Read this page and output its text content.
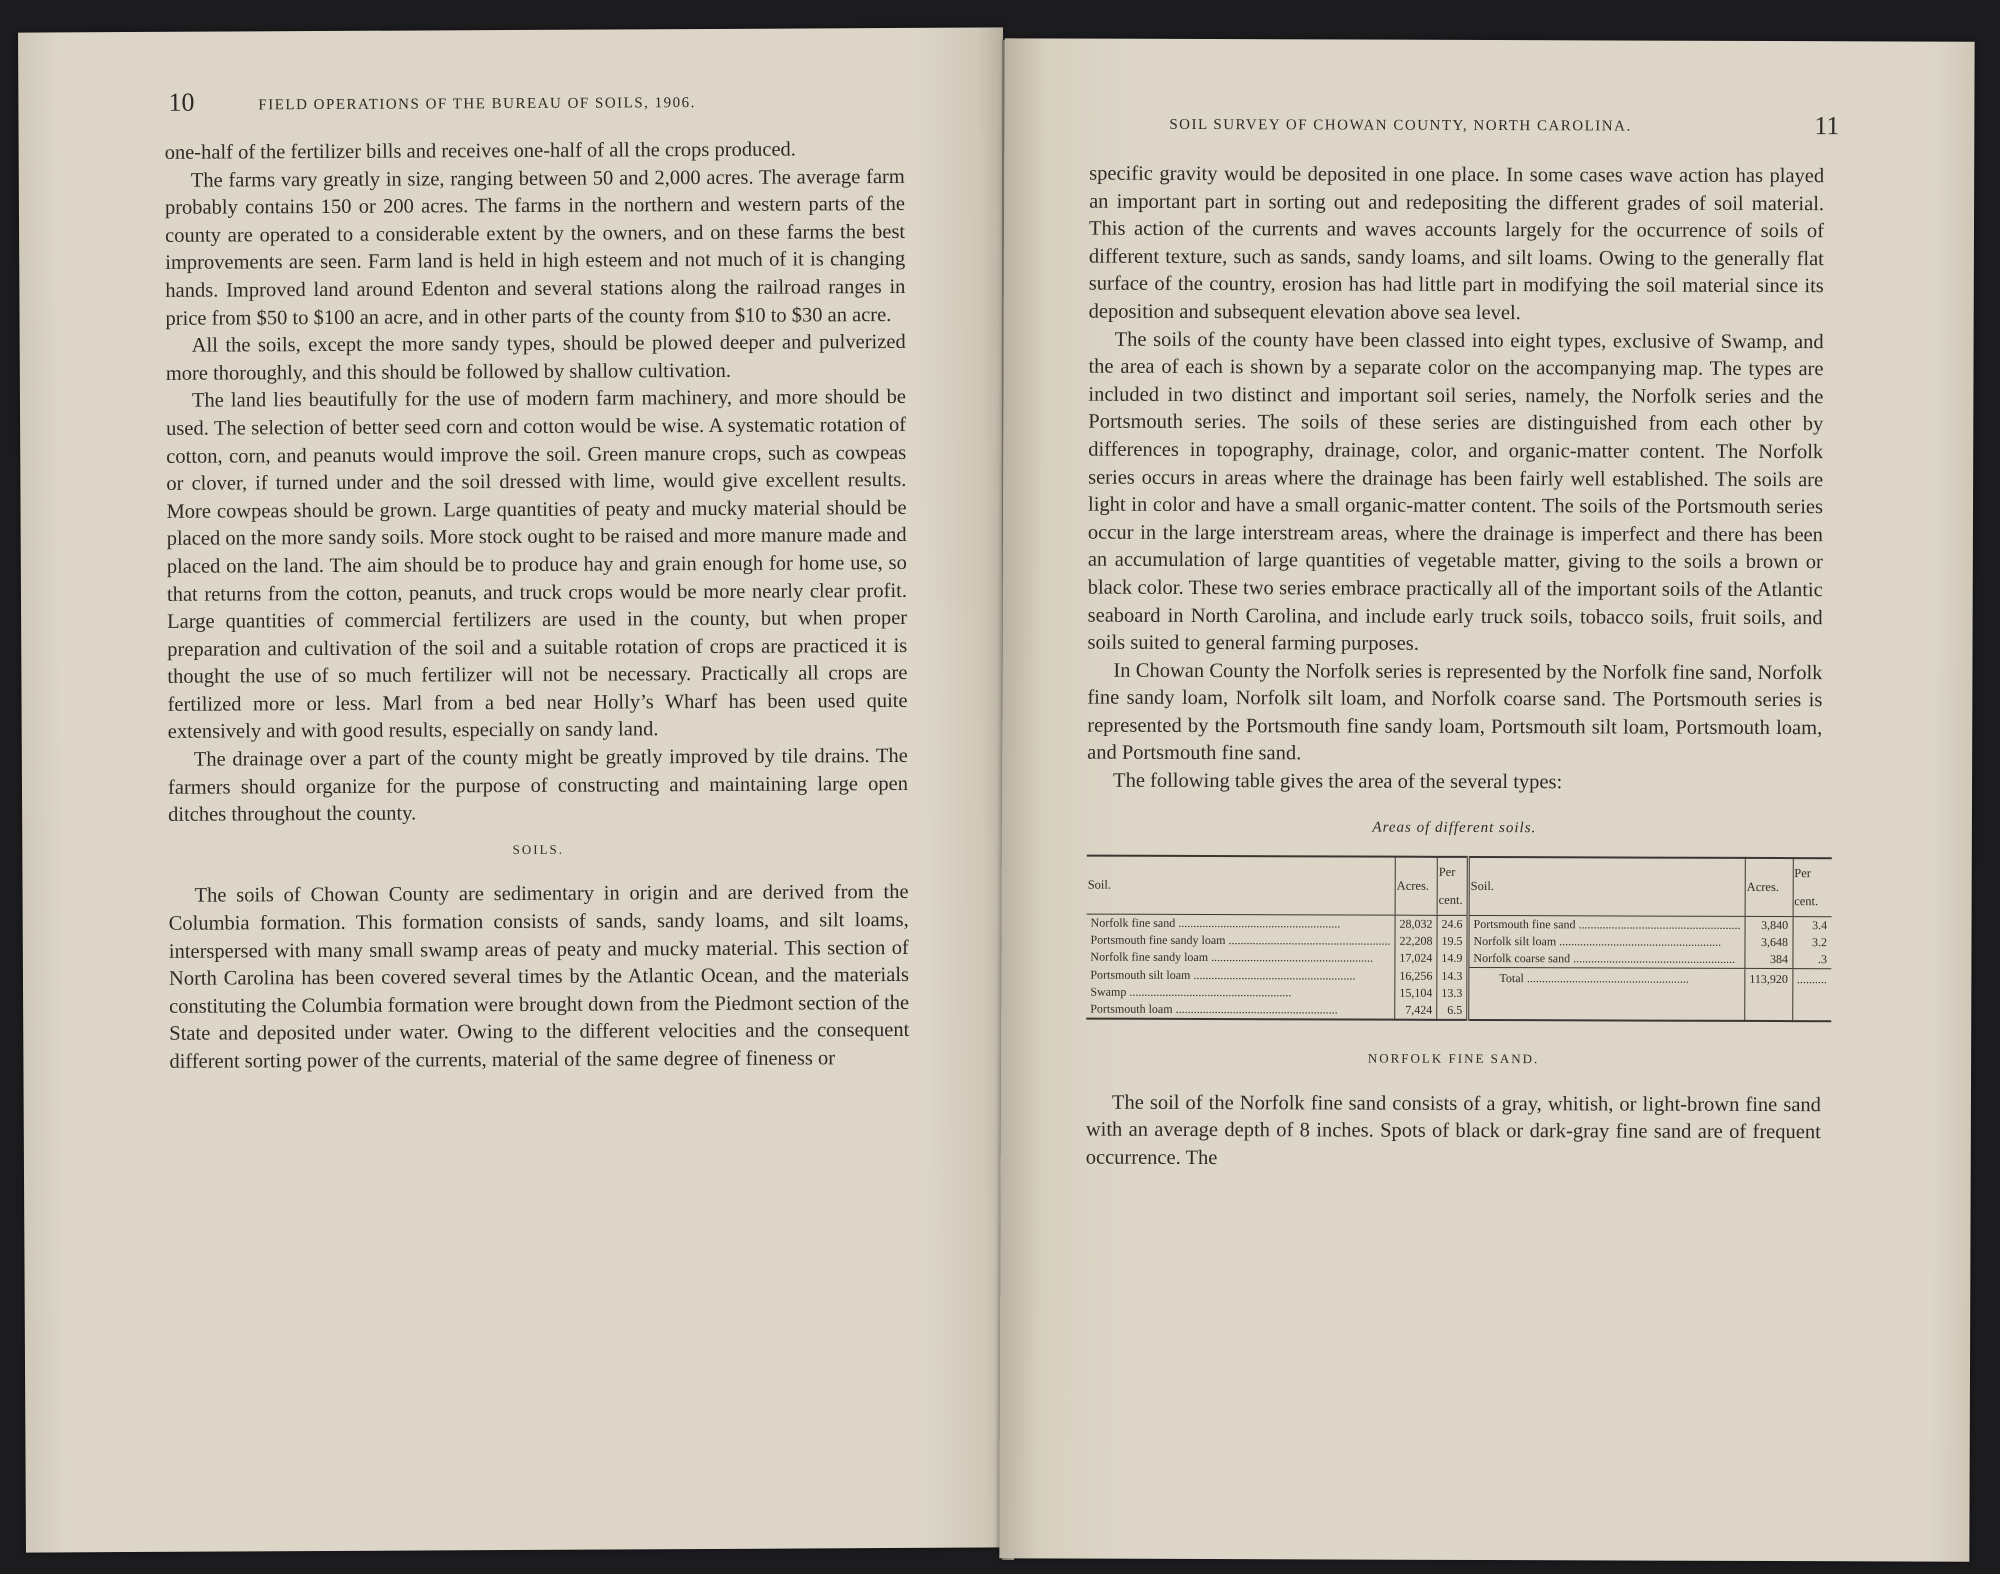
10	FIELD OPERATIONS OF THE BUREAU OF SOILS, 1906.

one-half of the fertilizer bills and receives one-half of all the crops produced.

The farms vary greatly in size, ranging between 50 and 2,000 acres. The average farm probably contains 150 or 200 acres. The farms in the northern and western parts of the county are operated to a considerable extent by the owners, and on these farms the best improvements are seen. Farm land is held in high esteem and not much of it is changing hands. Improved land around Edenton and several stations along the railroad ranges in price from $50 to $100 an acre, and in other parts of the county from $10 to $30 an acre.

All the soils, except the more sandy types, should be plowed deeper and pulverized more thoroughly, and this should be followed by shallow cultivation.

The land lies beautifully for the use of modern farm machinery, and more should be used. The selection of better seed corn and cotton would be wise. A systematic rotation of cotton, corn, and peanuts would improve the soil. Green manure crops, such as cowpeas or clover, if turned under and the soil dressed with lime, would give excellent results. More cowpeas should be grown. Large quantities of peaty and mucky material should be placed on the more sandy soils. More stock ought to be raised and more manure made and placed on the land. The aim should be to produce hay and grain enough for home use, so that returns from the cotton, peanuts, and truck crops would be more nearly clear profit. Large quantities of commercial fertilizers are used in the county, but when proper preparation and cultivation of the soil and a suitable rotation of crops are practiced it is thought the use of so much fertilizer will not be necessary. Practically all crops are fertilized more or less. Marl from a bed near Holly’s Wharf has been used quite extensively and with good results, especially on sandy land.

The drainage over a part of the county might be greatly improved by tile drains. The farmers should organize for the purpose of constructing and maintaining large open ditches throughout the county.

SOILS.

The soils of Chowan County are sedimentary in origin and are derived from the Columbia formation. This formation consists of sands, sandy loams, and silt loams, interspersed with many small swamp areas of peaty and mucky material. This section of North Carolina has been covered several times by the Atlantic Ocean, and the materials constituting the Columbia formation were brought down from the Piedmont section of the State and deposited under water. Owing to the different velocities and the consequent different sorting power of the currents, material of the same degree of fineness or

SOIL SURVEY OF CHOWAN COUNTY, NORTH CAROLINA.	11

specific gravity would be deposited in one place. In some cases wave action has played an important part in sorting out and redepositing the different grades of soil material. This action of the currents and waves accounts largely for the occurrence of soils of different texture, such as sands, sandy loams, and silt loams. Owing to the generally flat surface of the country, erosion has had little part in modifying the soil material since its deposition and subsequent elevation above sea level.

The soils of the county have been classed into eight types, exclusive of Swamp, and the area of each is shown by a separate color on the accompanying map. The types are included in two distinct and important soil series, namely, the Norfolk series and the Portsmouth series. The soils of these series are distinguished from each other by differences in topography, drainage, color, and organic-matter content. The Norfolk series occurs in areas where the drainage has been fairly well established. The soils are light in color and have a small organic-matter content. The soils of the Portsmouth series occur in the large interstream areas, where the drainage is imperfect and there has been an accumulation of large quantities of vegetable matter, giving to the soils a brown or black color. These two series embrace practically all of the important soils of the Atlantic seaboard in North Carolina, and include early truck soils, tobacco soils, fruit soils, and soils suited to general farming purposes.

In Chowan County the Norfolk series is represented by the Norfolk fine sand, Norfolk fine sandy loam, Norfolk silt loam, and Norfolk coarse sand. The Portsmouth series is represented by the Portsmouth fine sandy loam, Portsmouth silt loam, Portsmouth loam, and Portsmouth fine sand.

The following table gives the area of the several types:

Areas of different soils.
Soil.	Acres.	Per cent.	Soil.	Acres.	Per cent.

Norfolk fine sand .....	28,032	24.6	Portsmouth fine sand .....	3,840	3.4

Portsmouth fine sandy loam .....	22,208	19.5	Norfolk silt loam .....	3,648	3.2

Norfolk fine sandy loam .....	17,024	14.9	Norfolk coarse sand .....	384	.3

Portsmouth silt loam .....	16,256	14.3	Total .....	113,920	..........

Swamp .....	15,104	13.3			

Portsmouth loam .....	7,424	6.5			
NORFOLK FINE SAND.

The soil of the Norfolk fine sand consists of a gray, whitish, or light-brown fine sand with an average depth of 8 inches. Spots of black or dark-gray fine sand are of frequent occurrence. The
